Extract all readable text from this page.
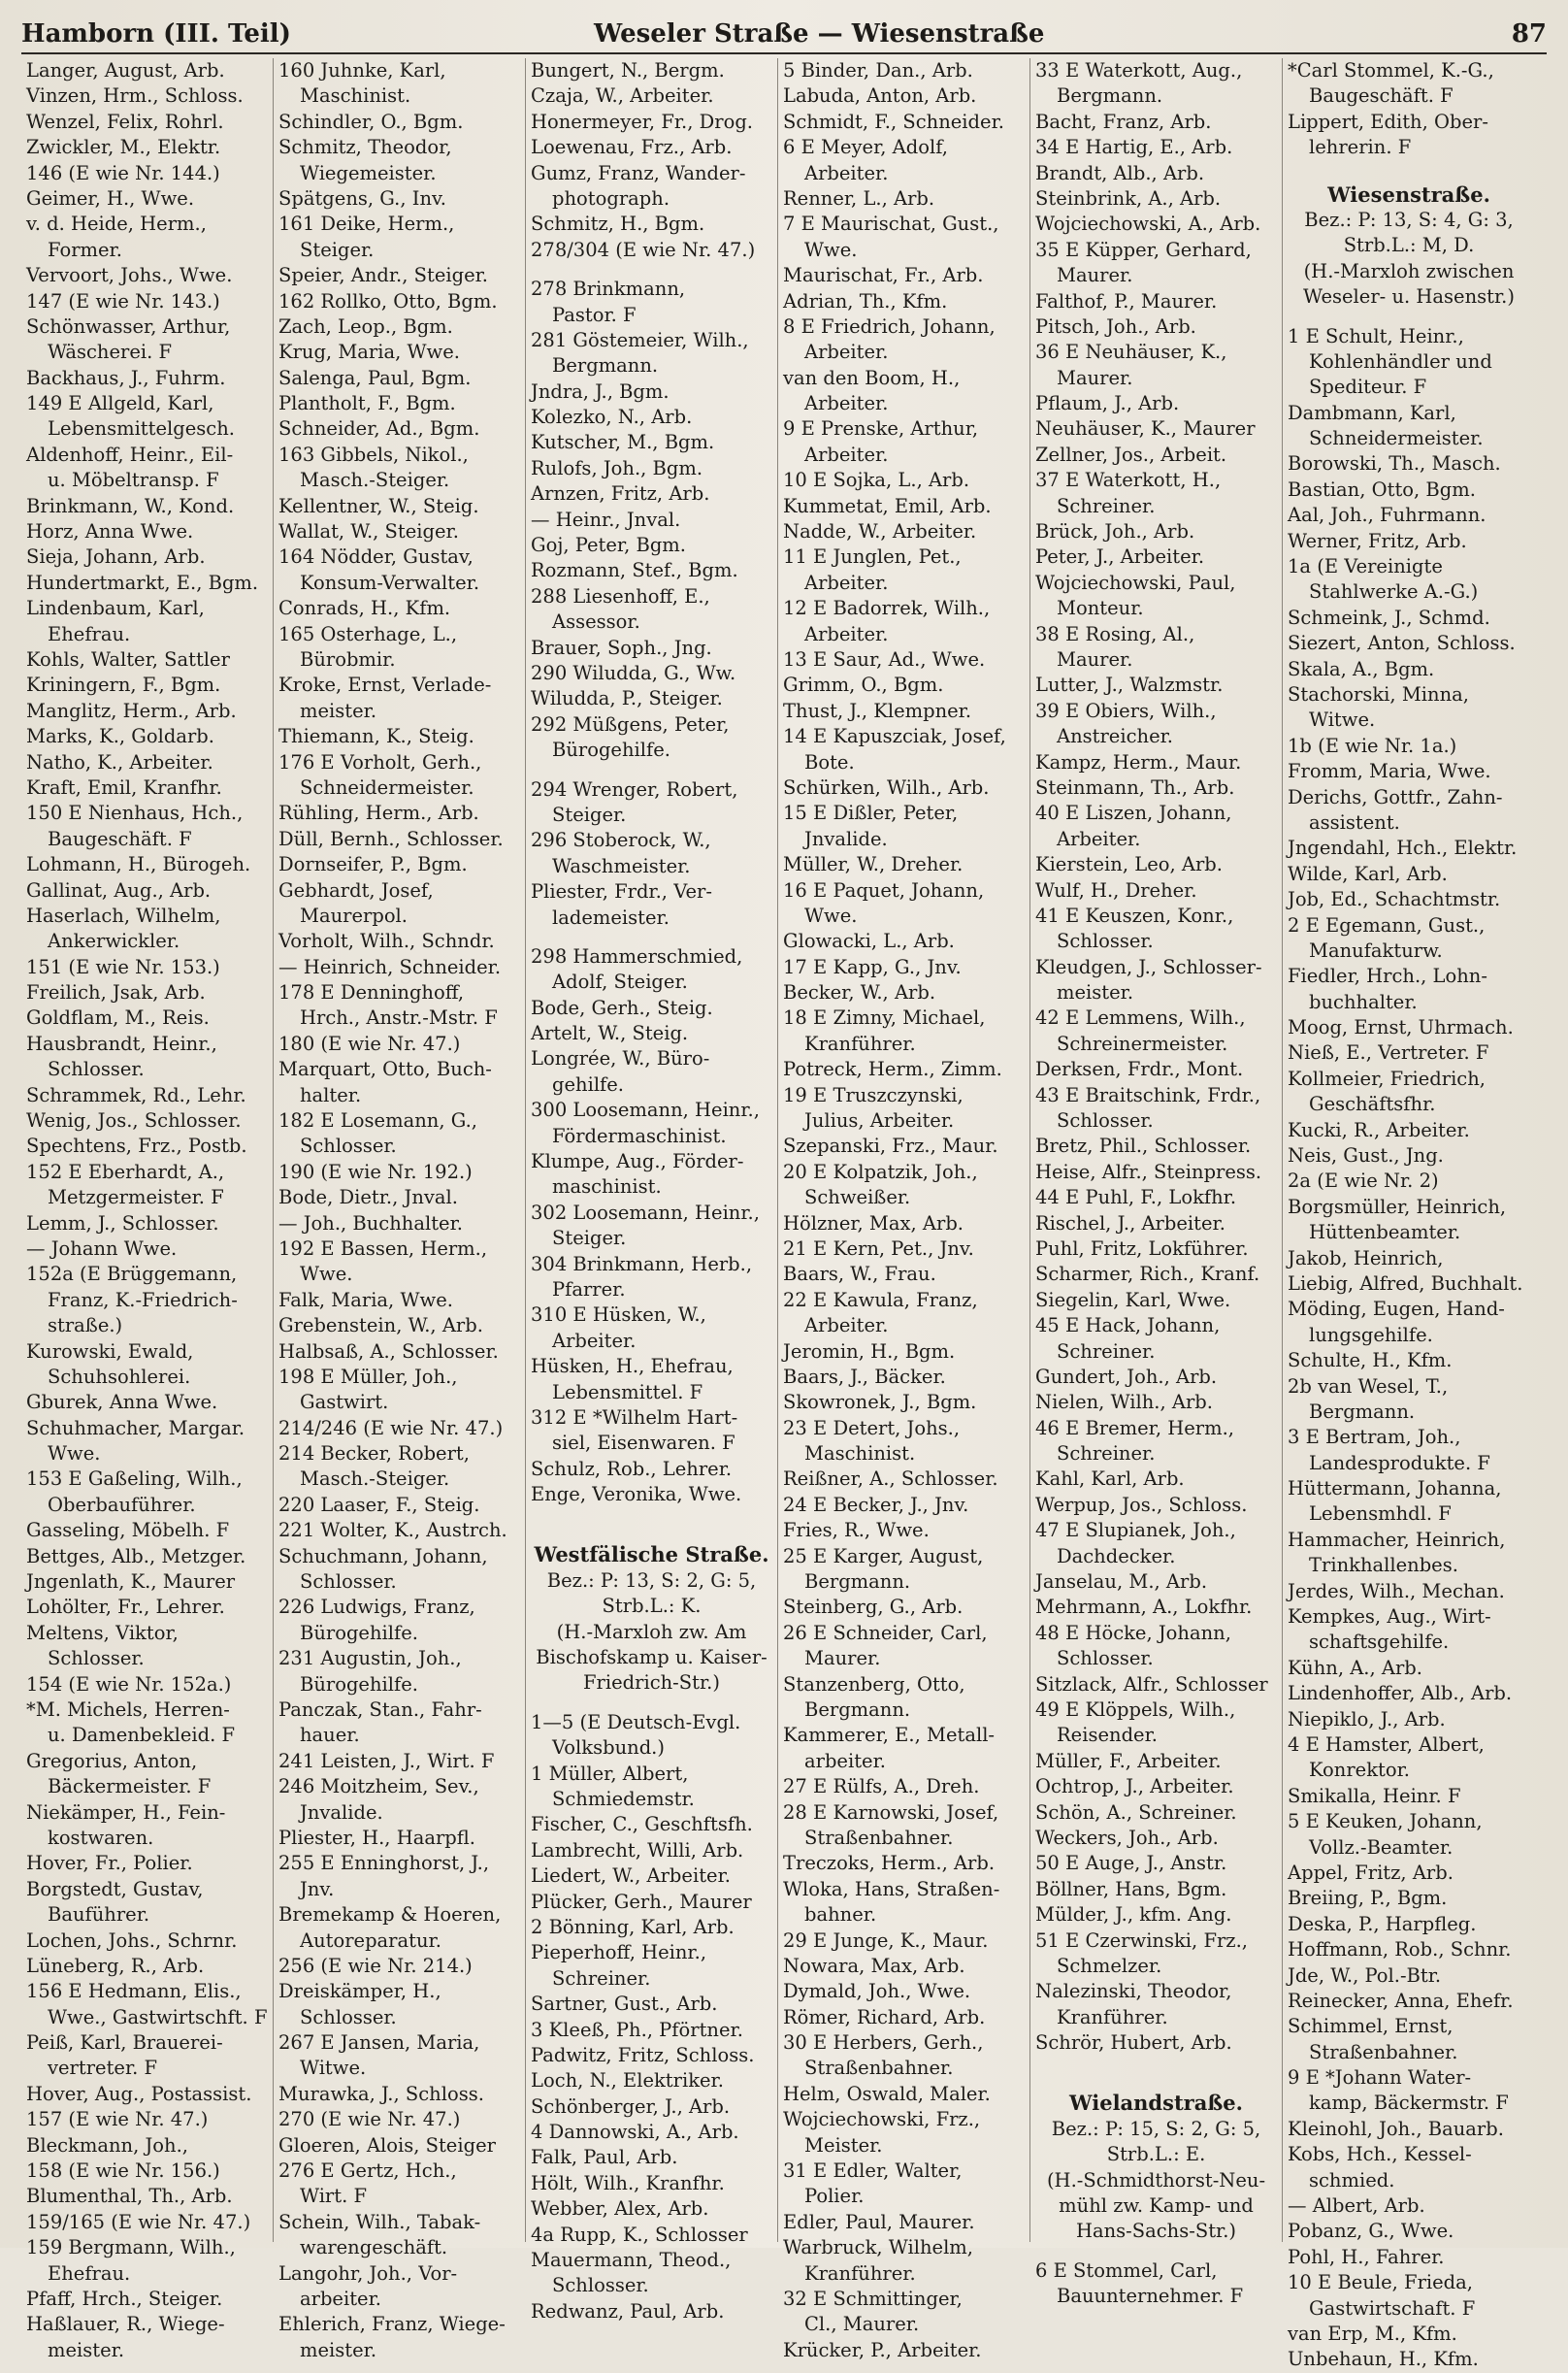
Hamborn (III. Teil)	Weseler Straße — Wiesenstraße	87
Langer, August, Arb.
Vinzen, Hrm., Schloss.
Wenzel, Felix, Rohrl.
Zwickler, M., Elektr.
146 (E wie Nr. 144.)
Geimer, H., Wwe.
v. d. Heide, Herm.,
Former.
Vervoort, Johs., Wwe.
147 (E wie Nr. 143.)
Schönwasser, Arthur,
Wäscherei. F
Backhaus, J., Fuhrm.
149 E Allgeld, Karl,
Lebensmittelgesch.
Aldenhoff, Heinr., Eil-
u. Möbeltransp. F
Brinkmann, W., Kond.
Horz, Anna Wwe.
Sieja, Johann, Arb.
Hundertmarkt, E., Bgm.
Lindenbaum, Karl,
Ehefrau.
Kohls, Walter, Sattler
Kriningern, F., Bgm.
Manglitz, Herm., Arb.
Marks, K., Goldarb.
Natho, K., Arbeiter.
Kraft, Emil, Kranfhr.
150 E Nienhaus, Hch.,
Baugeschäft. F
Lohmann, H., Bürogeh.
Gallinat, Aug., Arb.
Haserlach, Wilhelm,
Ankerwickler.
151 (E wie Nr. 153.)
Freilich, Jsak, Arb.
Goldflam, M., Reis.
Hausbrandt, Heinr.,
Schlosser.
Schrammek, Rd., Lehr.
Wenig, Jos., Schlosser.
Spechtens, Frz., Postb.
152 E Eberhardt, A.,
Metzgermeister. F
Lemm, J., Schlosser.
— Johann Wwe.
152a (E Brüggemann,
Franz, K.-Friedrich-
straße.)
Kurowski, Ewald,
Schuhsohlerei.
Gburek, Anna Wwe.
Schuhmacher, Margar.
Wwe.
153 E Gaßeling, Wilh.,
Oberbauführer.
Gasseling, Möbelh. F
Bettges, Alb., Metzger.
Jngenlath, K., Maurer
Lohölter, Fr., Lehrer.
Meltens, Viktor,
Schlosser.
154 (E wie Nr. 152a.)
*M. Michels, Herren-
u. Damenbekleid. F
Gregorius, Anton,
Bäckermeister. F
Niekämper, H., Fein-
kostwaren.
Hover, Fr., Polier.
Borgstedt, Gustav,
Bauführer.
Lochen, Johs., Schrnr.
Lüneberg, R., Arb.
156 E Hedmann, Elis.,
Wwe., Gastwirtschft. F
Peiß, Karl, Brauerei-
vertreter. F
Hover, Aug., Postassist.
157 (E wie Nr. 47.)
Bleckmann, Joh.,
158 (E wie Nr. 156.)
Blumenthal, Th., Arb.
159/165 (E wie Nr. 47.)
159 Bergmann, Wilh.,
Ehefrau.
Pfaff, Hrch., Steiger.
Haßlauer, R., Wiege-
meister.
160 Juhnke, Karl,
Maschinist.
Schindler, O., Bgm.
Schmitz, Theodor,
Wiegemeister.
Spätgens, G., Inv.
161 Deike, Herm.,
Steiger.
Speier, Andr., Steiger.
162 Rollko, Otto, Bgm.
Zach, Leop., Bgm.
Krug, Maria, Wwe.
Salenga, Paul, Bgm.
Plantholt, F., Bgm.
Schneider, Ad., Bgm.
163 Gibbels, Nikol.,
Masch.-Steiger.
Kellentner, W., Steig.
Wallat, W., Steiger.
164 Nödder, Gustav,
Konsum-Verwalter.
Conrads, H., Kfm.
165 Osterhage, L.,
Bürobmir.
Kroke, Ernst, Verlade-
meister.
Thiemann, K., Steig.
176 E Vorholt, Gerh.,
Schneidermeister.
Rühling, Herm., Arb.
Düll, Bernh., Schlosser.
Dornseifer, P., Bgm.
Gebhardt, Josef,
Maurerpol.
Vorholt, Wilh., Schndr.
— Heinrich, Schneider.
178 E Denninghoff,
Hrch., Anstr.-Mstr. F
180 (E wie Nr. 47.)
Marquart, Otto, Buch-
halter.
182 E Losemann, G.,
Schlosser.
190 (E wie Nr. 192.)
Bode, Dietr., Jnval.
— Joh., Buchhalter.
192 E Bassen, Herm.,
Wwe.
Falk, Maria, Wwe.
Grebenstein, W., Arb.
Halbsaß, A., Schlosser.
198 E Müller, Joh.,
Gastwirt.
214/246 (E wie Nr. 47.)
214 Becker, Robert,
Masch.-Steiger.
220 Laaser, F., Steig.
221 Wolter, K., Austrch.
Schuchmann, Johann,
Schlosser.
226 Ludwigs, Franz,
Bürogehilfe.
231 Augustin, Joh.,
Bürogehilfe.
Panczak, Stan., Fahr-
hauer.
241 Leisten, J., Wirt. F
246 Moitzheim, Sev.,
Jnvalide.
Pliester, H., Haarpfl.
255 E Enninghorst, J.,
Jnv.
Bremekamp & Hoeren,
Autoreparatur.
256 (E wie Nr. 214.)
Dreiskämper, H.,
Schlosser.
267 E Jansen, Maria,
Witwe.
Murawka, J., Schloss.
270 (E wie Nr. 47.)
Gloeren, Alois, Steiger
276 E Gertz, Hch.,
Wirt. F
Schein, Wilh., Tabak-
warengeschäft.
Langohr, Joh., Vor-
arbeiter.
Ehlerich, Franz, Wiege-
meister.
Bungert, N., Bergm.
Czaja, W., Arbeiter.
Honermeyer, Fr., Drog.
Loewenau, Frz., Arb.
Gumz, Franz, Wander-
photograph.
Schmitz, H., Bgm.
278/304 (E wie Nr. 47.)
278 Brinkmann,
Pastor. F
281 Göstemeier, Wilh.,
Bergmann.
Jndra, J., Bgm.
Kolezko, N., Arb.
Kutscher, M., Bgm.
Rulofs, Joh., Bgm.
Arnzen, Fritz, Arb.
— Heinr., Jnval.
Goj, Peter, Bgm.
Rozmann, Stef., Bgm.
288 Liesenhoff, E.,
Assessor.
Brauer, Soph., Jng.
290 Wiludda, G., Ww.
Wiludda, P., Steiger.
292 Müßgens, Peter,
Bürogehilfe.
294 Wrenger, Robert,
Steiger.
296 Stoberock, W.,
Waschmeister.
Pliester, Frdr., Ver-
lademeister.
298 Hammerschmied,
Adolf, Steiger.
Bode, Gerh., Steig.
Artelt, W., Steig.
Longrée, W., Büro-
gehilfe.
300 Loosemann, Heinr.,
Fördermaschinist.
Klumpe, Aug., Förder-
maschinist.
302 Loosemann, Heinr.,
Steiger.
304 Brinkmann, Herb.,
Pfarrer.
310 E Hüsken, W.,
Arbeiter.
Hüsken, H., Ehefrau,
Lebensmittel. F
312 E *Wilhelm Hart-
siel, Eisenwaren. F
Schulz, Rob., Lehrer.
Enge, Veronika, Wwe.
Westfälische Straße.
Bez.: P: 13, S: 2, G: 5,
Strb.L.: K.
(H.-Marxloh zw. Am
Bischofskamp u. Kaiser-
Friedrich-Str.)
1—5 (E Deutsch-Evgl.
Volksbund.)
1 Müller, Albert,
Schmiedemstr.
Fischer, C., Geschftsfh.
Lambrecht, Willi, Arb.
Liedert, W., Arbeiter.
Plücker, Gerh., Maurer
2 Bönning, Karl, Arb.
Pieperhoff, Heinr.,
Schreiner.
Sartner, Gust., Arb.
3 Kleeß, Ph., Pförtner.
Padwitz, Fritz, Schloss.
Loch, N., Elektriker.
Schönberger, J., Arb.
4 Dannowski, A., Arb.
Falk, Paul, Arb.
Hölt, Wilh., Kranfhr.
Webber, Alex, Arb.
4a Rupp, K., Schlosser
Mauermann, Theod.,
Schlosser.
Redwanz, Paul, Arb.
5 Binder, Dan., Arb.
Labuda, Anton, Arb.
Schmidt, F., Schneider.
6 E Meyer, Adolf,
Arbeiter.
Renner, L., Arb.
7 E Maurischat, Gust.,
Wwe.
Maurischat, Fr., Arb.
Adrian, Th., Kfm.
8 E Friedrich, Johann,
Arbeiter.
van den Boom, H.,
Arbeiter.
9 E Prenske, Arthur,
Arbeiter.
10 E Sojka, L., Arb.
Kummetat, Emil, Arb.
Nadde, W., Arbeiter.
11 E Junglen, Pet.,
Arbeiter.
12 E Badorrek, Wilh.,
Arbeiter.
13 E Saur, Ad., Wwe.
Grimm, O., Bgm.
Thust, J., Klempner.
14 E Kapuszciak, Josef,
Bote.
Schürken, Wilh., Arb.
15 E Dißler, Peter,
Jnvalide.
Müller, W., Dreher.
16 E Paquet, Johann,
Wwe.
Glowacki, L., Arb.
17 E Kapp, G., Jnv.
Becker, W., Arb.
18 E Zimny, Michael,
Kranführer.
Potreck, Herm., Zimm.
19 E Truszczynski,
Julius, Arbeiter.
Szepanski, Frz., Maur.
20 E Kolpatzik, Joh.,
Schweißer.
Hölzner, Max, Arb.
21 E Kern, Pet., Jnv.
Baars, W., Frau.
22 E Kawula, Franz,
Arbeiter.
Jeromin, H., Bgm.
Baars, J., Bäcker.
Skowronek, J., Bgm.
23 E Detert, Johs.,
Maschinist.
Reißner, A., Schlosser.
24 E Becker, J., Jnv.
Fries, R., Wwe.
25 E Karger, August,
Bergmann.
Steinberg, G., Arb.
26 E Schneider, Carl,
Maurer.
Stanzenberg, Otto,
Bergmann.
Kammerer, E., Metall-
arbeiter.
27 E Rülfs, A., Dreh.
28 E Karnowski, Josef,
Straßenbahner.
Treczoks, Herm., Arb.
Wloka, Hans, Straßen-
bahner.
29 E Junge, K., Maur.
Nowara, Max, Arb.
Dymald, Joh., Wwe.
Römer, Richard, Arb.
30 E Herbers, Gerh.,
Straßenbahner.
Helm, Oswald, Maler.
Wojciechowski, Frz.,
Meister.
31 E Edler, Walter,
Polier.
Edler, Paul, Maurer.
Warbruck, Wilhelm,
Kranführer.
32 E Schmittinger,
Cl., Maurer.
Krücker, P., Arbeiter.
33 E Waterkott, Aug.,
Bergmann.
Bacht, Franz, Arb.
34 E Hartig, E., Arb.
Brandt, Alb., Arb.
Steinbrink, A., Arb.
Wojciechowski, A., Arb.
35 E Küpper, Gerhard,
Maurer.
Falthof, P., Maurer.
Pitsch, Joh., Arb.
36 E Neuhäuser, K.,
Maurer.
Pflaum, J., Arb.
Neuhäuser, K., Maurer
Zellner, Jos., Arbeit.
37 E Waterkott, H.,
Schreiner.
Brück, Joh., Arb.
Peter, J., Arbeiter.
Wojciechowski, Paul,
Monteur.
38 E Rosing, Al.,
Maurer.
Lutter, J., Walzmstr.
39 E Obiers, Wilh.,
Anstreicher.
Kampz, Herm., Maur.
Steinmann, Th., Arb.
40 E Liszen, Johann,
Arbeiter.
Kierstein, Leo, Arb.
Wulf, H., Dreher.
41 E Keuszen, Konr.,
Schlosser.
Kleudgen, J., Schlosser-
meister.
42 E Lemmens, Wilh.,
Schreinermeister.
Derksen, Frdr., Mont.
43 E Braitschink, Frdr.,
Schlosser.
Bretz, Phil., Schlosser.
Heise, Alfr., Steinpress.
44 E Puhl, F., Lokfhr.
Rischel, J., Arbeiter.
Puhl, Fritz, Lokführer.
Scharmer, Rich., Kranf.
Siegelin, Karl, Wwe.
45 E Hack, Johann,
Schreiner.
Gundert, Joh., Arb.
Nielen, Wilh., Arb.
46 E Bremer, Herm.,
Schreiner.
Kahl, Karl, Arb.
Werpup, Jos., Schloss.
47 E Slupianek, Joh.,
Dachdecker.
Janselau, M., Arb.
Mehrmann, A., Lokfhr.
48 E Höcke, Johann,
Schlosser.
Sitzlack, Alfr., Schlosser
49 E Klöppels, Wilh.,
Reisender.
Müller, F., Arbeiter.
Ochtrop, J., Arbeiter.
Schön, A., Schreiner.
Weckers, Joh., Arb.
50 E Auge, J., Anstr.
Böllner, Hans, Bgm.
Mülder, J., kfm. Ang.
51 E Czerwinski, Frz.,
Schmelzer.
Nalezinski, Theodor,
Kranführer.
Schrör, Hubert, Arb.
Wielandstraße.
Bez.: P: 15, S: 2, G: 5,
Strb.L.: E.
(H.-Schmidthorst-Neu-
mühl zw. Kamp- und
Hans-Sachs-Str.)
6 E Stommel, Carl,
Bauunternehmer. F
*Carl Stommel, K.-G.,
Baugeschäft. F
Lippert, Edith, Ober-
lehrerin. F
Wiesenstraße.
Bez.: P: 13, S: 4, G: 3,
Strb.L.: M, D.
(H.-Marxloh zwischen
Weseler- u. Hasenstr.)
1 E Schult, Heinr.,
Kohlenhändler und
Spediteur. F
Dambmann, Karl,
Schneidermeister.
Borowski, Th., Masch.
Bastian, Otto, Bgm.
Aal, Joh., Fuhrmann.
Werner, Fritz, Arb.
1a (E Vereinigte
Stahlwerke A.-G.)
Schmeink, J., Schmd.
Siezert, Anton, Schloss.
Skala, A., Bgm.
Stachorski, Minna,
Witwe.
1b (E wie Nr. 1a.)
Fromm, Maria, Wwe.
Derichs, Gottfr., Zahn-
assistent.
Jngendahl, Hch., Elektr.
Wilde, Karl, Arb.
Job, Ed., Schachtmstr.
2 E Egemann, Gust.,
Manufakturw.
Fiedler, Hrch., Lohn-
buchhalter.
Moog, Ernst, Uhrmach.
Nieß, E., Vertreter. F
Kollmeier, Friedrich,
Geschäftsfhr.
Kucki, R., Arbeiter.
Neis, Gust., Jng.
2a (E wie Nr. 2)
Borgsmüller, Heinrich,
Hüttenbeamter.
Jakob, Heinrich,
Liebig, Alfred, Buchhalt.
Möding, Eugen, Hand-
lungsgehilfe.
Schulte, H., Kfm.
2b van Wesel, T.,
Bergmann.
3 E Bertram, Joh.,
Landesprodukte. F
Hüttermann, Johanna,
Lebensmhdl. F
Hammacher, Heinrich,
Trinkhallenbes.
Jerdes, Wilh., Mechan.
Kempkes, Aug., Wirt-
schaftsgehilfe.
Kühn, A., Arb.
Lindenhoffer, Alb., Arb.
Niepiklo, J., Arb.
4 E Hamster, Albert,
Konrektor.
Smikalla, Heinr. F
5 E Keuken, Johann,
Vollz.-Beamter.
Appel, Fritz, Arb.
Breiing, P., Bgm.
Deska, P., Harpfleg.
Hoffmann, Rob., Schnr.
Jde, W., Pol.-Btr.
Reinecker, Anna, Ehefr.
Schimmel, Ernst,
Straßenbahner.
9 E *Johann Water-
kamp, Bäckermstr. F
Kleinohl, Joh., Bauarb.
Kobs, Hch., Kessel-
schmied.
— Albert, Arb.
Pobanz, G., Wwe.
Pohl, H., Fahrer.
10 E Beule, Frieda,
Gastwirtschaft. F
van Erp, M., Kfm.
Unbehaun, H., Kfm.
